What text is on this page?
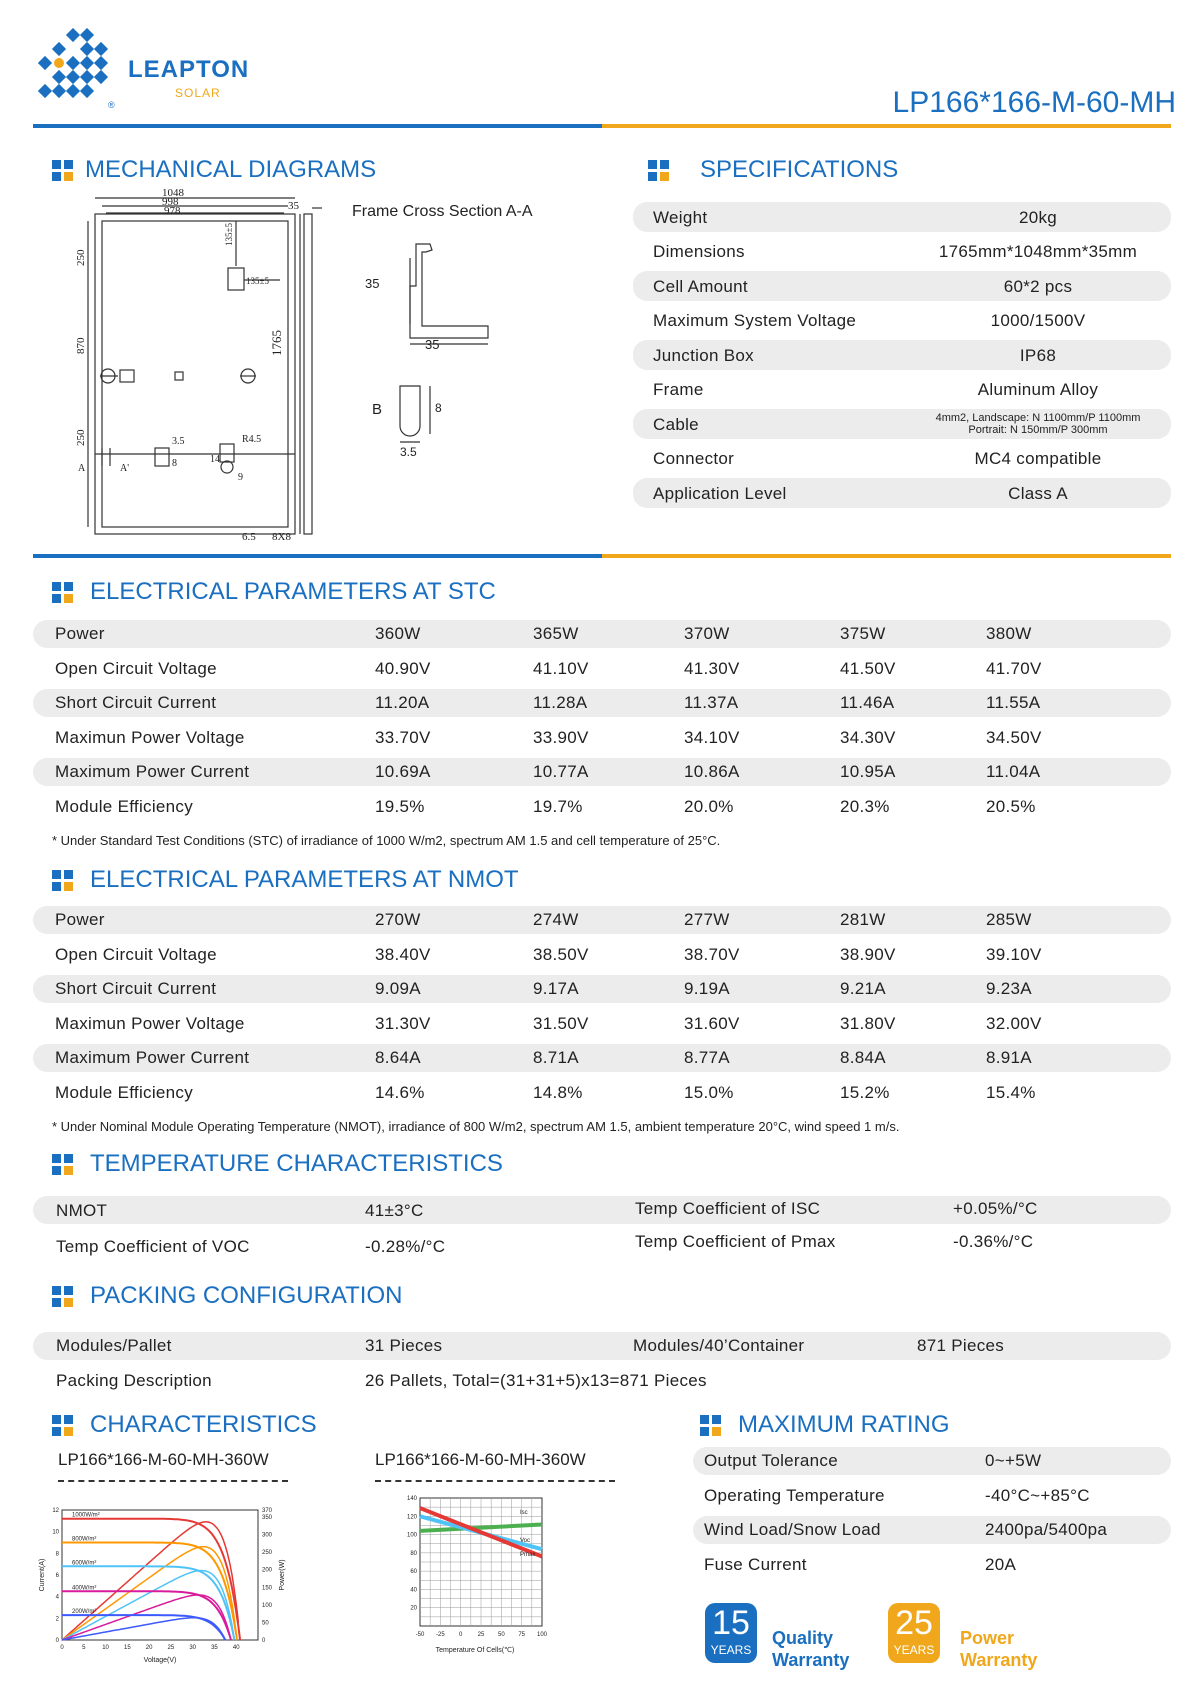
LEAPTON
SOLAR
®	LP166*166-M-60-MH
MECHANICAL DIAGRAMS
1048
998
978	35
1765
250
870
250
135±5
135±5
3.5	R4.5
8	14
9
6.5 8X8
A	A'
Frame Cross Section A-A
35
35
B	8
3.5
SPECIFICATIONS
Weight	20kg
Dimensions	1765mm*1048mm*35mm
Cell Amount	60*2 pcs
Maximum System Voltage	1000/1500V
Junction Box	IP68
Frame	Aluminum Alloy
Cable	4mm2, Landscape: N 1100mm/P 1100mm
Portrait: N 150mm/P 300mm
Connector	MC4 compatible
Application Level	Class A
ELECTRICAL PARAMETERS AT STC
Power	360W	365W	370W	375W	380W
Open Circuit Voltage	40.90V	41.10V	41.30V	41.50V	41.70V
Short Circuit Current	11.20A	11.28A	11.37A	11.46A	11.55A
Maximun Power Voltage	33.70V	33.90V	34.10V	34.30V	34.50V
Maximum Power Current	10.69A	10.77A	10.86A	10.95A	11.04A
Module Efficiency	19.5%	19.7%	20.0%	20.3%	20.5%
* Under Standard Test Conditions (STC) of irradiance of 1000 W/m2, spectrum AM 1.5 and cell temperature of 25°C.
ELECTRICAL PARAMETERS AT NMOT
Power	270W	274W	277W	281W	285W
Open Circuit Voltage	38.40V	38.50V	38.70V	38.90V	39.10V
Short Circuit Current	9.09A	9.17A	9.19A	9.21A	9.23A
Maximun Power Voltage	31.30V	31.50V	31.60V	31.80V	32.00V
Maximum Power Current	8.64A	8.71A	8.77A	8.84A	8.91A
Module Efficiency	14.6%	14.8%	15.0%	15.2%	15.4%
* Under Nominal Module Operating Temperature (NMOT), irradiance of 800 W/m2, spectrum AM 1.5, ambient temperature 20°C, wind speed 1 m/s.
TEMPERATURE CHARACTERISTICS
NMOT	41±3°C	Temp Coefficient of ISC	+0.05%/°C
Temp Coefficient of VOC	-0.28%/°C	Temp Coefficient of Pmax	-0.36%/°C
PACKING CONFIGURATION
Modules/Pallet	31 Pieces	Modules/40’Container	871 Pieces
Packing Description	26 Pallets, Total=(31+31+5)x13=871 Pieces
CHARACTERISTICS
LP166*166-M-60-MH-360W	LP166*166-M-60-MH-360W
0	5	10	15	20	25	30	35	40
0
2
4
6
8
10
12
0
50
100
150
200
250
300
350
370
Voltage(V)
Current(A)	Power(W)
1000W/m²
800W/m²
600W/m²
400W/m²
200W/m²
-50 -25 0	25 50 75 100
20
40
60
80
100
120
140
Temperature Of Cells(℃)
Isc
Voc
Pmax
MAXIMUM RATING
Output Tolerance	0~+5W
Operating Temperature	-40°C~+85°C
Wind Load/Snow Load	2400pa/5400pa
Fuse Current	20A
15
YEARS
Quality
Warranty
25
YEARS
Power
Warranty
